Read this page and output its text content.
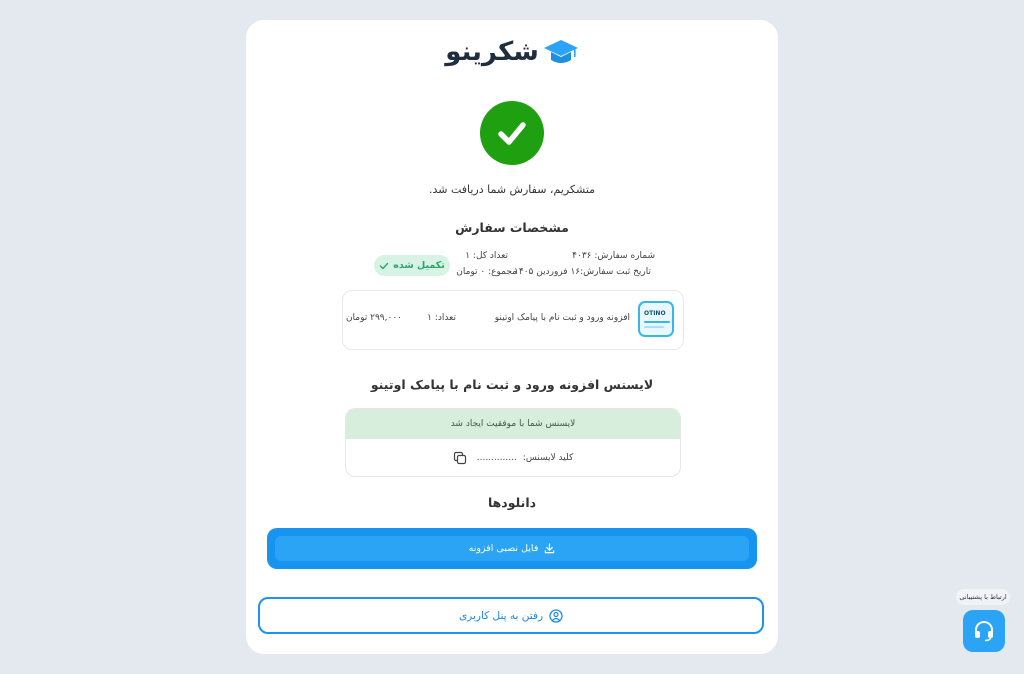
شکرینو
متشکریم، سفارش شما دریافت شد.
مشخصات سفارش
شماره سفارش: ۴۰۳۶
تاریخ ثبت سفارش:۱۶ فروردین ۱۴۰۵
تعداد کل: ۱
مجموع: ۰ تومان
تکمیل شده
OTINO
افزونه ورود و ثبت نام با پیامک اوتینو
تعداد: ۱
۲۹۹,۰۰۰ تومان
لایسنس افزونه ورود و ثبت نام با پیامک اوتینو
لایسنس شما با موفقیت ایجاد شد
کلید لایسنس:
..............
دانلودها
فایل نصبی افزونه
رفتن به پنل کاربری
ارتباط با پشتیبانی
